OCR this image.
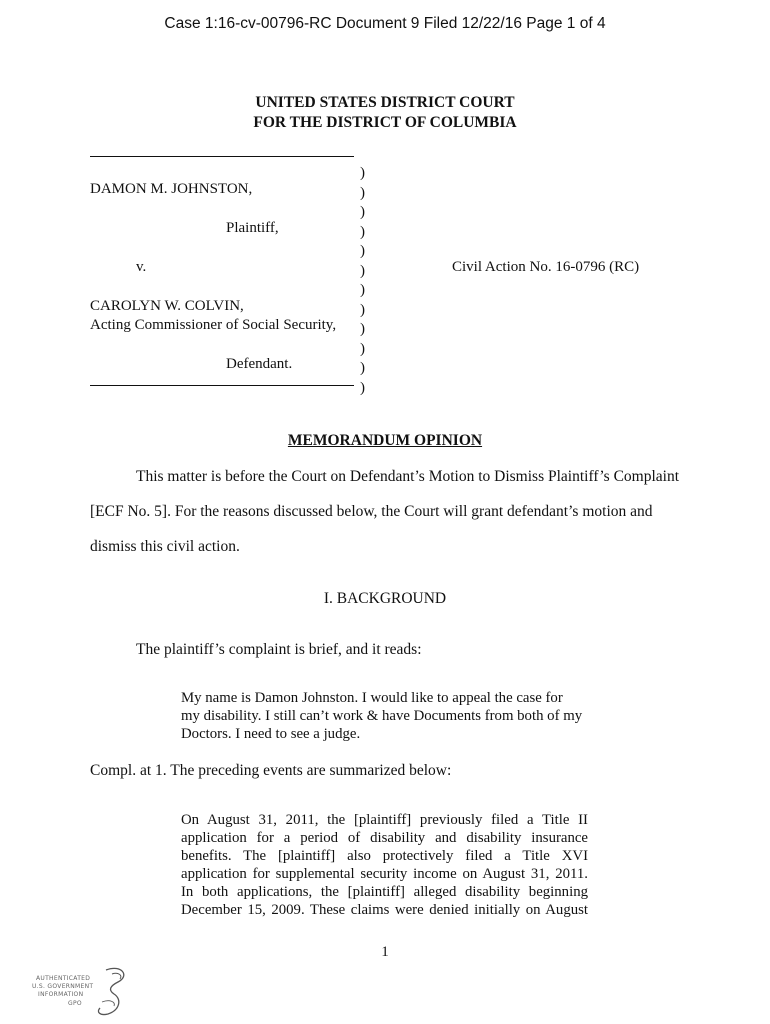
Case 1:16-cv-00796-RC Document 9 Filed 12/22/16 Page 1 of 4
UNITED STATES DISTRICT COURT
FOR THE DISTRICT OF COLUMBIA
)
)
)
)
)
)
)
)
)
)
)
)
DAMON M. JOHNSTON,
Plaintiff,
v.	Civil Action No. 16-0796 (RC)
CAROLYN W. COLVIN,
Acting Commissioner of Social Security,
Defendant.
MEMORANDUM OPINION
This matter is before the Court on Defendant’s Motion to Dismiss Plaintiff’s Complaint
[ECF No. 5]. For the reasons discussed below, the Court will grant defendant’s motion and
dismiss this civil action.
I. BACKGROUND
The plaintiff’s complaint is brief, and it reads:
My name is Damon Johnston. I would like to appeal the case for
my disability. I still can’t work & have Documents from both of my
Doctors. I need to see a judge.
Compl. at 1. The preceding events are summarized below:
On August 31, 2011, the [plaintiff] previously filed a Title II
application for a period of disability and disability insurance
benefits. The [plaintiff] also protectively filed a Title XVI
application for supplemental security income on August 31, 2011.
In both applications, the [plaintiff] alleged disability beginning
December 15, 2009. These claims were denied initially on August
1
AUTHENTICATED
U.S. GOVERNMENT
INFORMATION
GPO
